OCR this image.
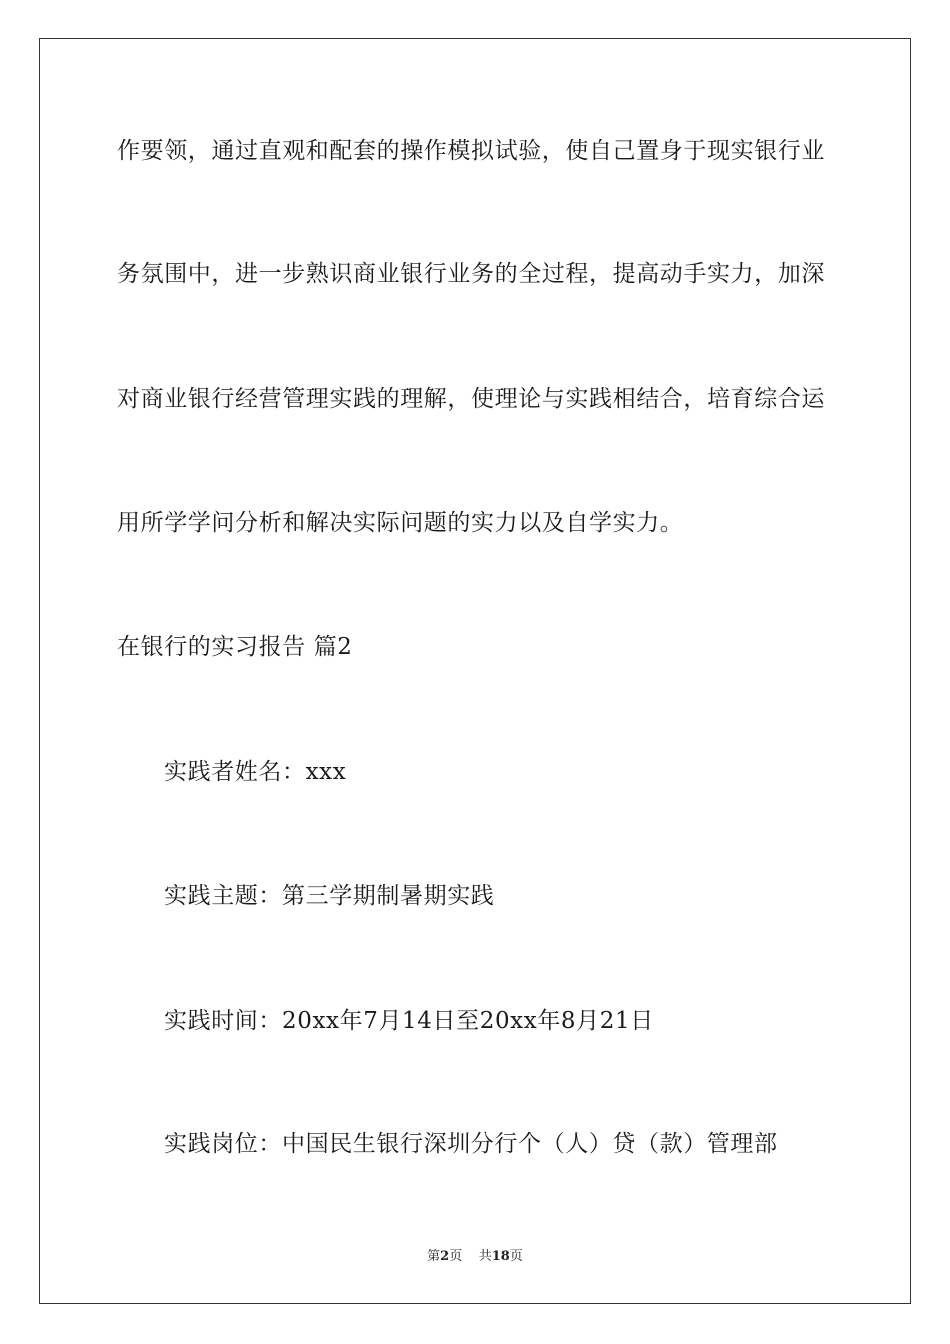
作要领，通过直观和配套的操作模拟试验，使自己置身于现实银行业
务氛围中，进一步熟识商业银行业务的全过程，提高动手实力，加深
对商业银行经营管理实践的理解，使理论与实践相结合，培育综合运
用所学学问分析和解决实际问题的实力以及自学实力。
在银行的实习报告 篇2
实践者姓名：xxx
实践主题：第三学期制暑期实践
实践时间：20xx年7月14日至20xx年8月21日
实践岗位：中国民生银行深圳分行个（人）贷（款）管理部
第2页 共18页
